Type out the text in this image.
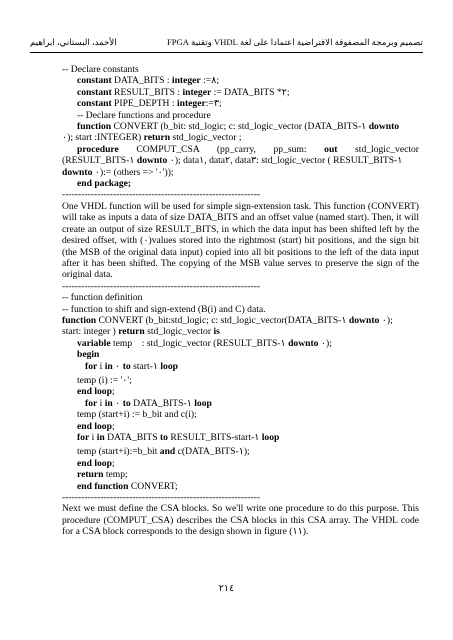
الأحمد، البستاني، ابراهيم	تصميم وبرمجة المصفوفة الافتراضية اعتمادا على لغة VHDL وتقنية FPGA
-- Declare constants
constant DATA_BITS : integer :=٨;
constant RESULT_BITS : integer := DATA_BITS *٢;
constant PIPE_DEPTH : integer:=٣;
-- Declare functions and procedure
function CONVERT (b_bit: std_logic; c: std_logic_vector (DATA_BITS-١ downto
٠); start :INTEGER) return std_logic_vector ;
procedure COMPUT_CSA (pp_carry, pp_sum: out std_logic_vector
(RESULT_BITS-١ downto ٠); data١, data٢, data٣: std_logic_vector ( RESULT_BITS-١
downto ٠):= (others => '٠'));
end package;
--------------------------------------------------------------

One VHDL function will be used for simple sign-extension task. This function (CONVERT) will take as inputs a data of size DATA_BITS and an offset value (named start). Then, it will create an output of size RESULT_BITS, in which the data input has been shifted left by the desired offset, with (٠)values stored into the rightmost (start) bit positions, and the sign bit (the MSB of the original data input) copied into all bit positions to the left of the data input after it has been shifted. The copying of the MSB value serves to preserve the sign of the original data.

--------------------------------------------------------------
-- function definition
-- function to shift and sign-extend (B(i) and C) data.
function CONVERT (b_bit:std_logic; c: std_logic_vector(DATA_BITS-١ downto ٠);
start: integer ) return std_logic_vector is
variable temp    : std_logic_vector (RESULT_BITS-١ downto ٠);
begin
for i in ٠ to start-١ loop
temp (i) := '٠';
end loop;
for i in ٠ to DATA_BITS-١ loop
temp (start+i) := b_bit and c(i);
end loop;
for i in DATA_BITS to RESULT_BITS-start-١ loop
temp (start+i):=b_bit and c(DATA_BITS-١);
end loop;
return temp;
end function CONVERT;
--------------------------------------------------------------

Next we must define the CSA blocks. So we'll write one procedure to do this purpose. This procedure (COMPUT_CSA) describes the CSA blocks in this CSA array. The VHDL code for a CSA block corresponds to the design shown in figure (١١).

٢١٤
